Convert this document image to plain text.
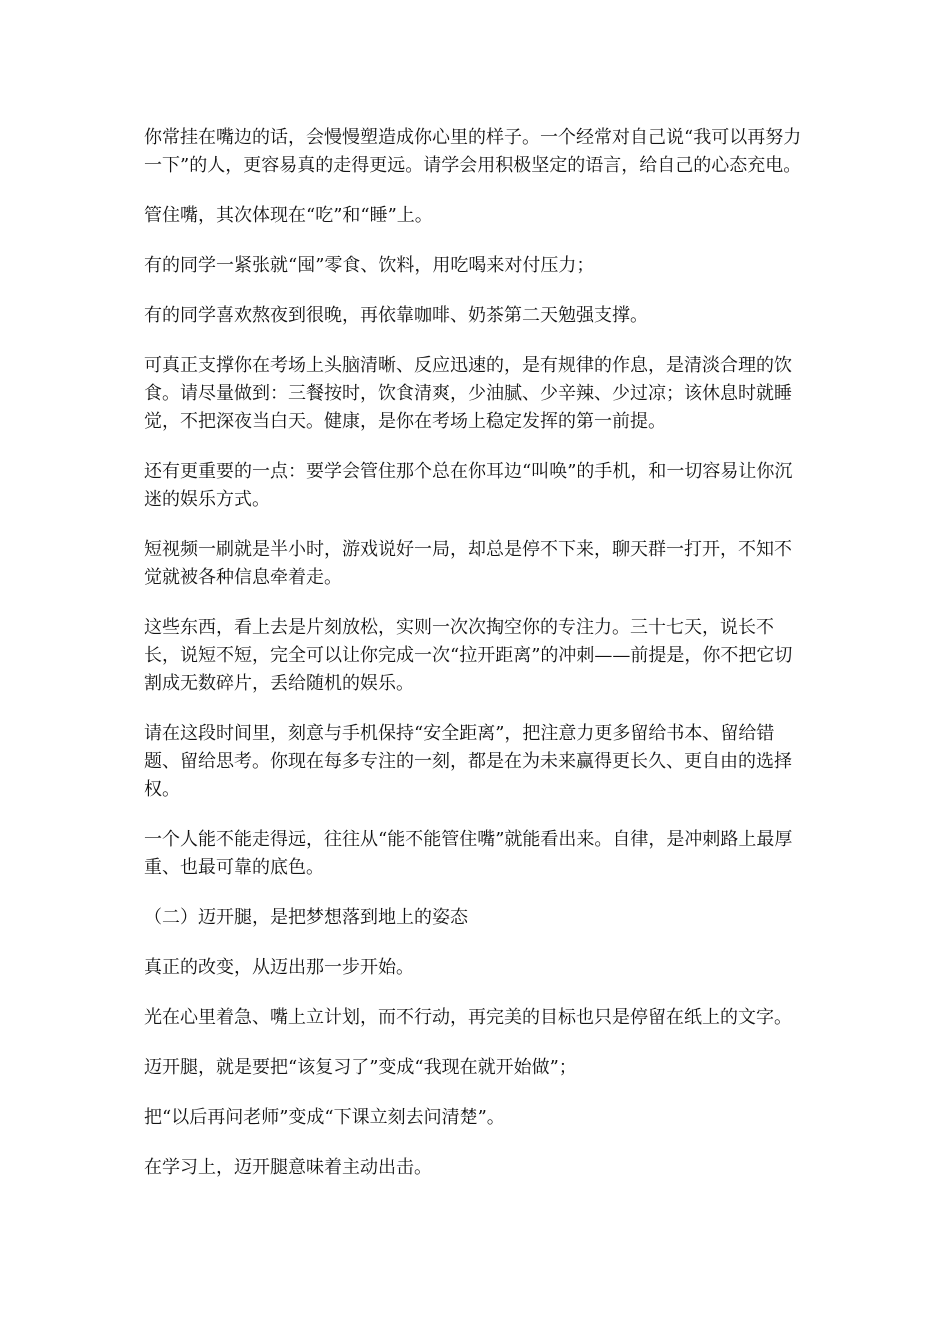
你常挂在嘴边的话，会慢慢塑造成你心里的样子。一个经常对自己说“我可以再努力一下”的人，更容易真的走得更远。请学会用积极坚定的语言，给自己的心态充电。

管住嘴，其次体现在“吃”和“睡”上。

有的同学一紧张就“囤”零食、饮料，用吃喝来对付压力；

有的同学喜欢熬夜到很晚，再依靠咖啡、奶茶第二天勉强支撑。

可真正支撑你在考场上头脑清晰、反应迅速的，是有规律的作息，是清淡合理的饮食。请尽量做到：三餐按时，饮食清爽，少油腻、少辛辣、少过凉；该休息时就睡觉，不把深夜当白天。健康，是你在考场上稳定发挥的第一前提。

还有更重要的一点：要学会管住那个总在你耳边“叫唤”的手机，和一切容易让你沉迷的娱乐方式。

短视频一刷就是半小时，游戏说好一局，却总是停不下来，聊天群一打开，不知不觉就被各种信息牵着走。

这些东西，看上去是片刻放松，实则一次次掏空你的专注力。三十七天，说长不长，说短不短，完全可以让你完成一次“拉开距离”的冲刺——前提是，你不把它切割成无数碎片，丢给随机的娱乐。

请在这段时间里，刻意与手机保持“安全距离”，把注意力更多留给书本、留给错题、留给思考。你现在每多专注的一刻，都是在为未来赢得更长久、更自由的选择权。

一个人能不能走得远，往往从“能不能管住嘴”就能看出来。自律，是冲刺路上最厚重、也最可靠的底色。

（二）迈开腿，是把梦想落到地上的姿态

真正的改变，从迈出那一步开始。

光在心里着急、嘴上立计划，而不行动，再完美的目标也只是停留在纸上的文字。

迈开腿，就是要把“该复习了”变成“我现在就开始做”；

把“以后再问老师”变成“下课立刻去问清楚”。

在学习上，迈开腿意味着主动出击。
